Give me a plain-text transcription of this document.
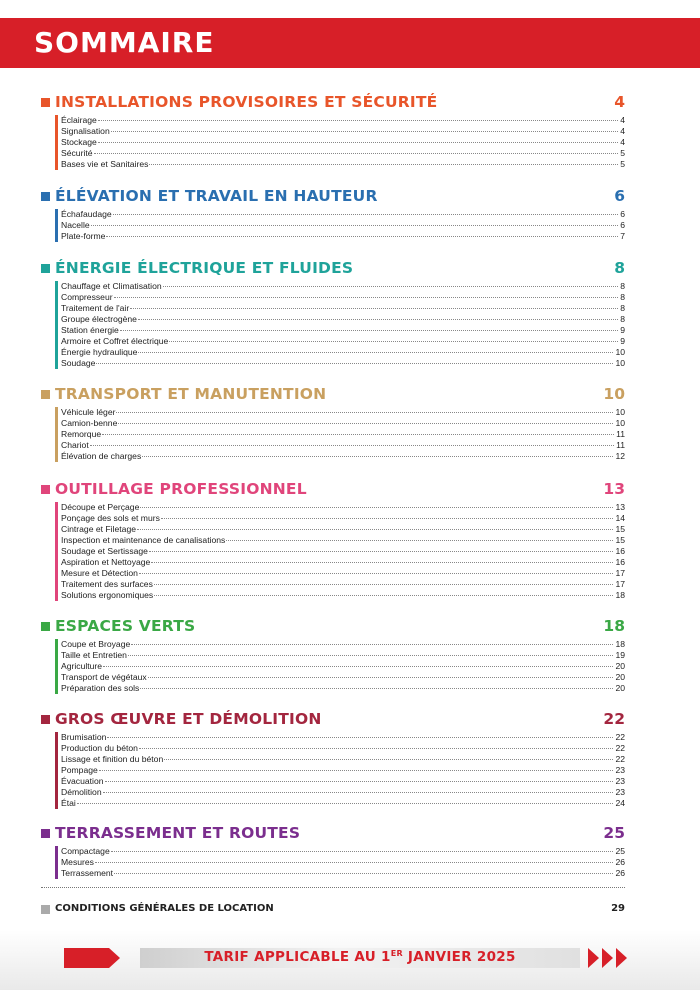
SOMMAIRE
INSTALLATIONS PROVISOIRES ET SÉCURITÉ	4
Éclairage	4
Signalisation	4
Stockage	4
Sécurité	5
Bases vie et Sanitaires	5
ÉLÉVATION ET TRAVAIL EN HAUTEUR	6
Échafaudage	6
Nacelle	6
Plate-forme	7
ÉNERGIE ÉLECTRIQUE ET FLUIDES	8
Chauffage et Climatisation	8
Compresseur	8
Traitement de l'air	8
Groupe électrogène	8
Station énergie	9
Armoire et Coffret électrique	9
Énergie hydraulique	10
Soudage	10
TRANSPORT ET MANUTENTION	10
Véhicule léger	10
Camion-benne	10
Remorque	11
Chariot	11
Élévation de charges	12
OUTILLAGE PROFESSIONNEL	13
Découpe et Perçage	13
Ponçage des sols et murs	14
Cintrage et Filetage	15
Inspection et maintenance de canalisations	15
Soudage et Sertissage	16
Aspiration et Nettoyage	16
Mesure et Détection	17
Traitement des surfaces	17
Solutions ergonomiques	18
ESPACES VERTS	18
Coupe et Broyage	18
Taille et Entretien	19
Agriculture	20
Transport de végétaux	20
Préparation des sols	20
GROS ŒUVRE ET DÉMOLITION	22
Brumisation	22
Production du béton	22
Lissage et finition du béton	22
Pompage	23
Évacuation	23
Démolition	23
Étai	24
TERRASSEMENT ET ROUTES	25
Compactage	25
Mesures	26
Terrassement	26
CONDITIONS GÉNÉRALES DE LOCATION	29
TARIF APPLICABLE AU 1ER JANVIER 2025
